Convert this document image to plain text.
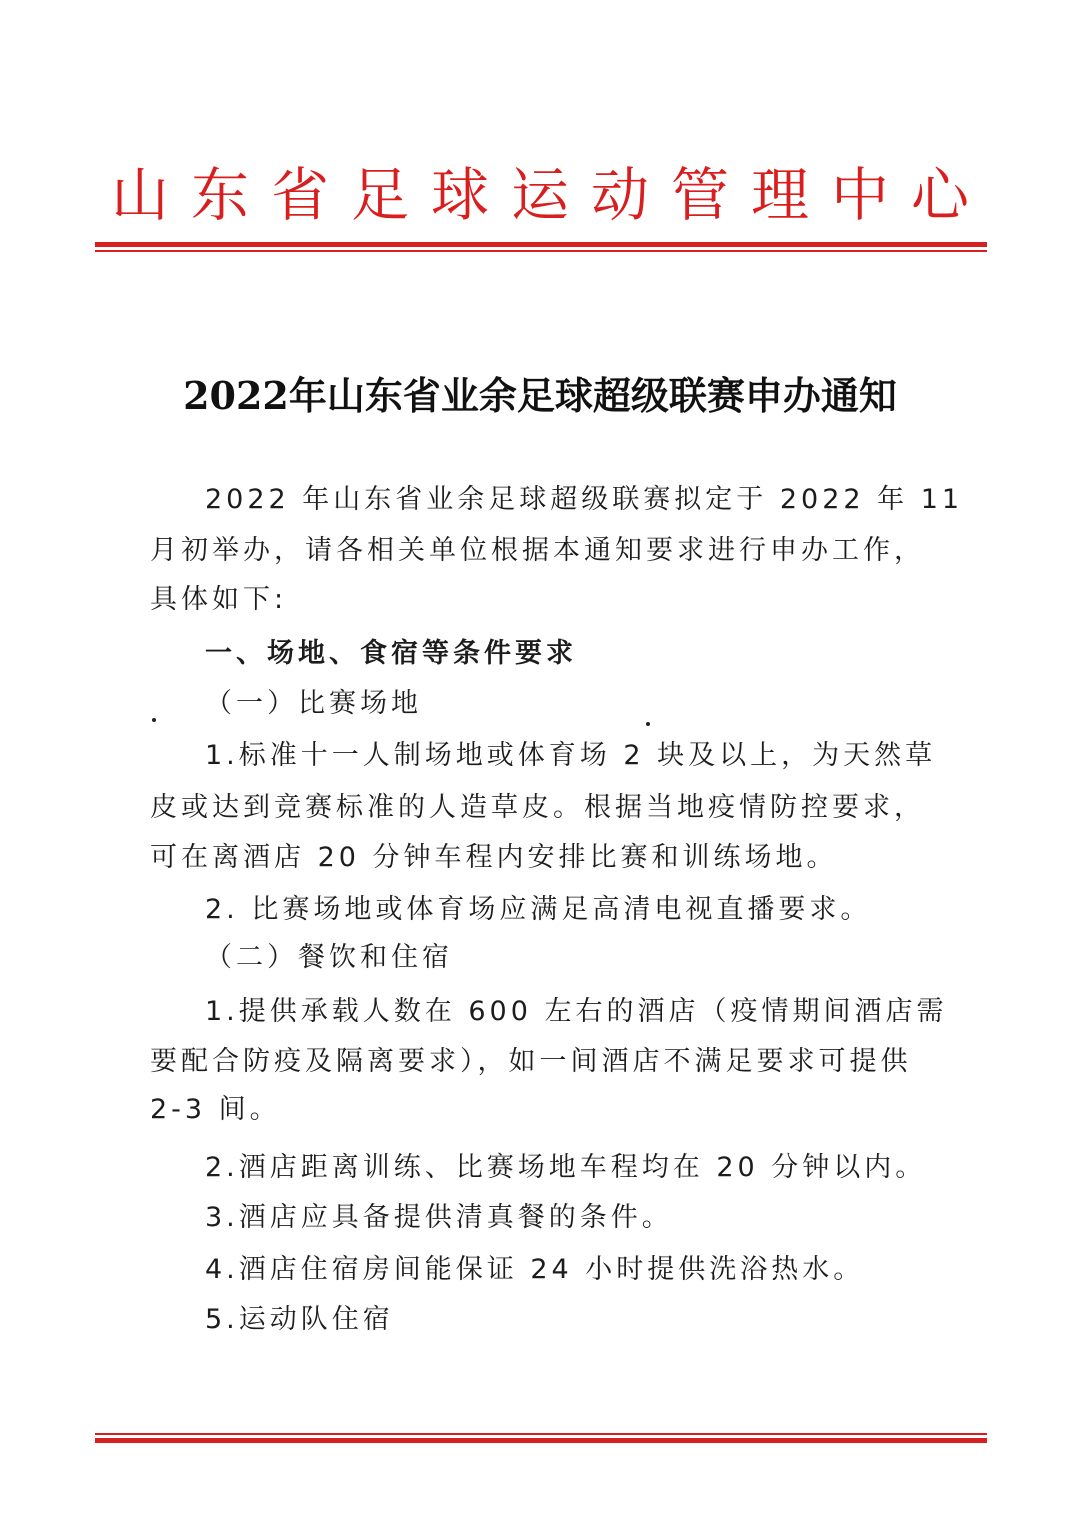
山东省足球运动管理中心
2022年山东省业余足球超级联赛申办通知
2022 年山东省业余足球超级联赛拟定于 2022 年 11
月初举办，请各相关单位根据本通知要求进行申办工作，
具体如下:
一、场地、食宿等条件要求
（一）比赛场地
1.标准十一人制场地或体育场 2 块及以上，为天然草
皮或达到竞赛标准的人造草皮。根据当地疫情防控要求，
可在离酒店 20 分钟车程内安排比赛和训练场地。
2. 比赛场地或体育场应满足高清电视直播要求。
（二）餐饮和住宿
1.提供承载人数在 600 左右的酒店（疫情期间酒店需
要配合防疫及隔离要求），如一间酒店不满足要求可提供
2-3 间。
2.酒店距离训练、比赛场地车程均在 20 分钟以内。
3.酒店应具备提供清真餐的条件。
4.酒店住宿房间能保证 24 小时提供洗浴热水。
5.运动队住宿
